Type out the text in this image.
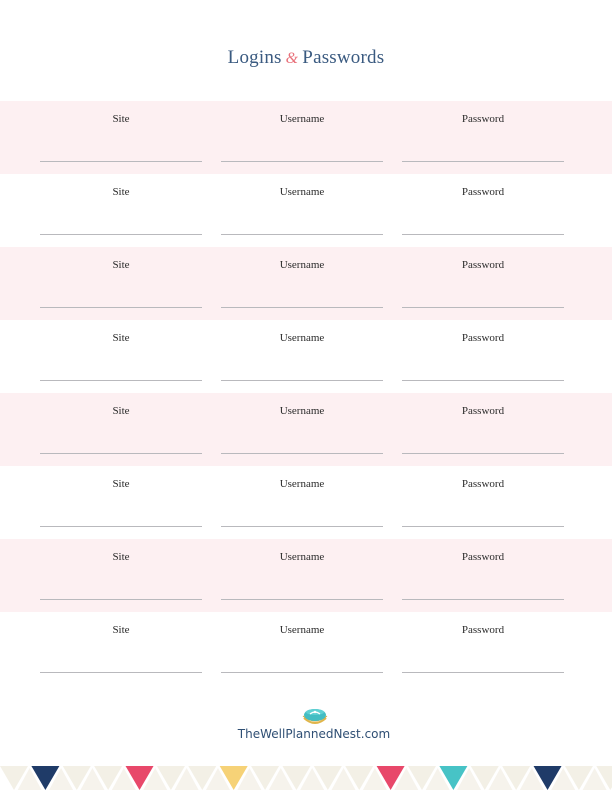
Logins & Passwords
Site	Username	Password
Site	Username	Password
Site	Username	Password
Site	Username	Password
Site	Username	Password
Site	Username	Password
Site	Username	Password
Site	Username	Password
TheWellPlannedNest.com
